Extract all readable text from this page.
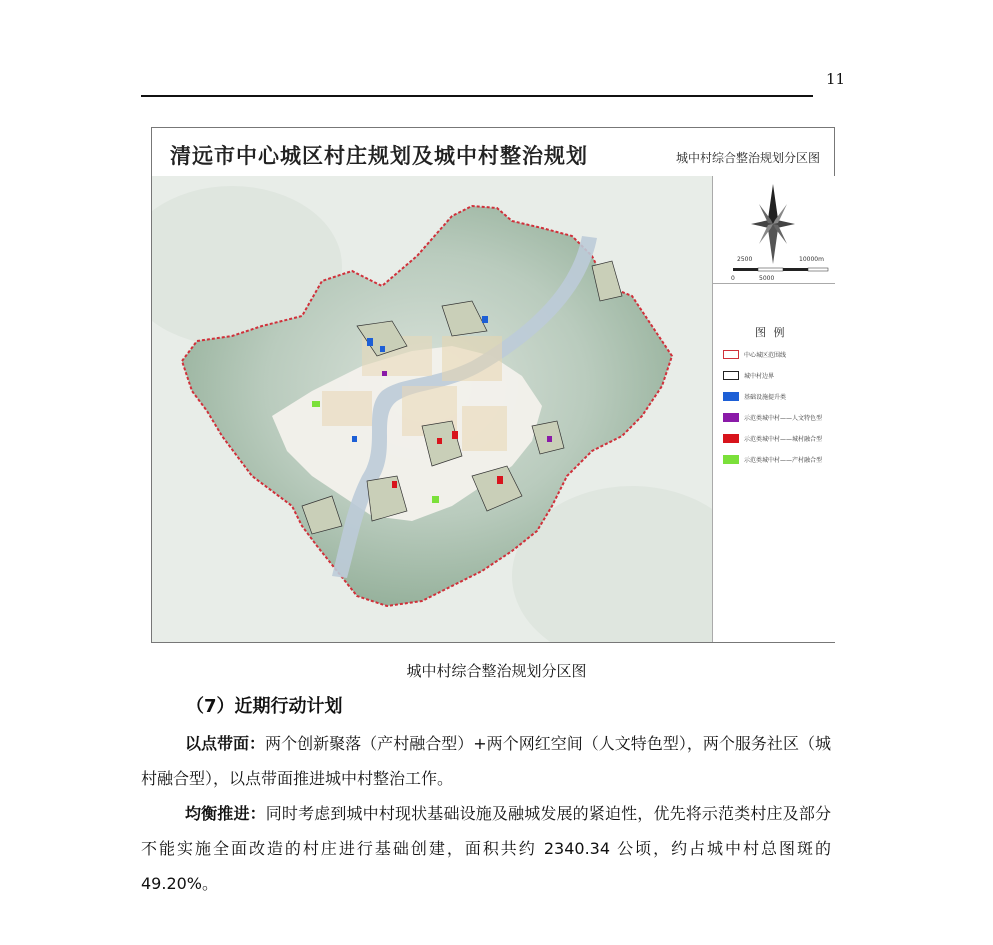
11
清远市中心城区村庄规划及城中村整治规划	城中村综合整治规划分区图
2500	10000m
0	5000
图 例
中心城区范围线
城中村边界
基础设施提升类
示范类城中村——人文特色型
示范类城中村——城村融合型
示范类城中村——产村融合型
城中村综合整治规划分区图
（7）近期行动计划
以点带面：两个创新聚落（产村融合型）+两个网红空间（人文特色型），两个服务社区（城村融合型），以点带面推进城中村整治工作。
均衡推进：同时考虑到城中村现状基础设施及融城发展的紧迫性，优先将示范类村庄及部分不能实施全面改造的村庄进行基础创建，面积共约 2340.34 公顷，约占城中村总图斑的 49.20%。
